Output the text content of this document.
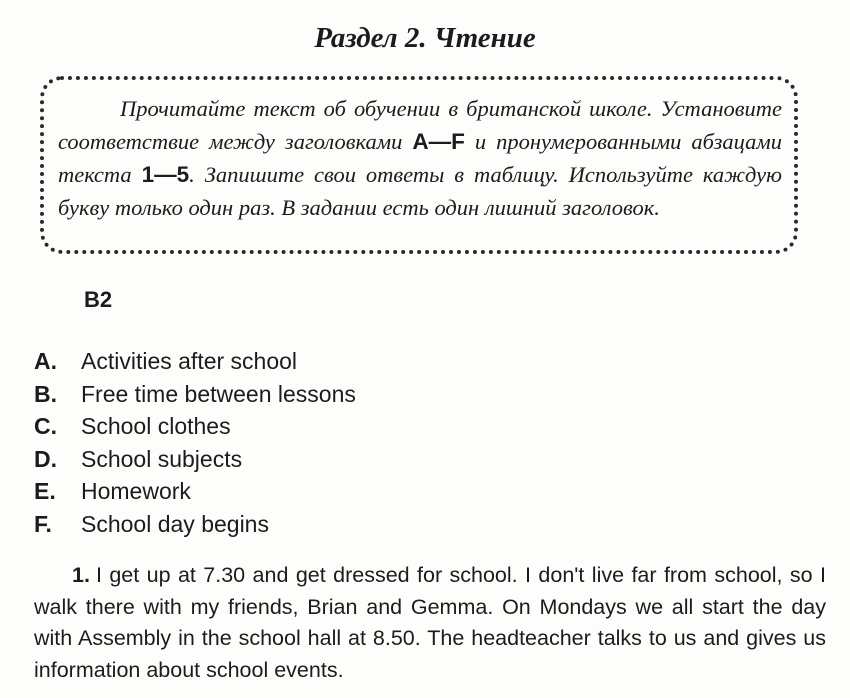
Раздел 2. Чтение

Прочитайте текст об обучении в британской школе. Установите соответствие между заголовками A—F и пронумерованными абзацами текста 1—5. Запишите свои ответы в таблицу. Используйте каждую букву только один раз. В задании есть один лишний заголовок.

B2
A. Activities after school
B. Free time between lessons
C. School clothes
D. School subjects
E. Homework
F. School day begins

1. I get up at 7.30 and get dressed for school. I don't live far from school, so I walk there with my friends, Brian and Gemma. On Mondays we all start the day with Assembly in the school hall at 8.50. The headteacher talks to us and gives us information about school events.
